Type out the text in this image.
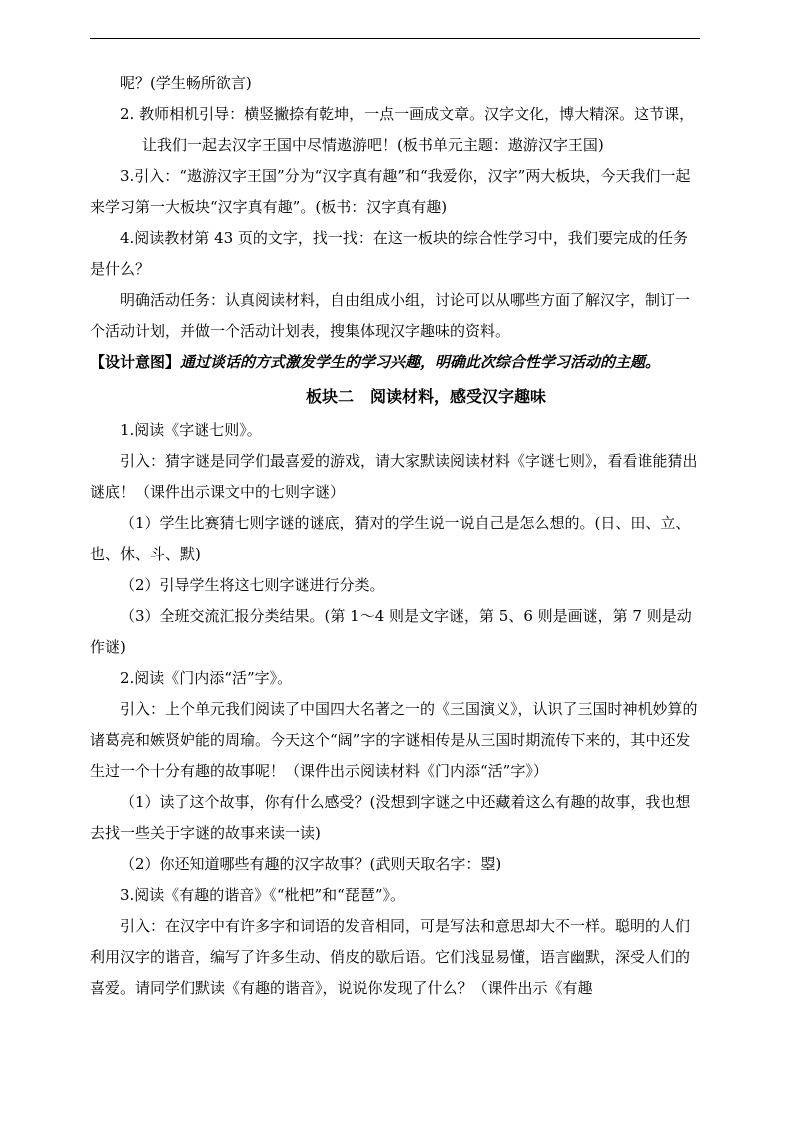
呢？(学生畅所欲言)

2. 教师相机引导：横竖撇捺有乾坤，一点一画成文章。汉字文化，博大精深。这节课，让我们一起去汉字王国中尽情遨游吧！(板书单元主题：遨游汉字王国)

3.引入：“遨游汉字王国”分为“汉字真有趣”和“我爱你，汉字”两大板块，今天我们一起来学习第一大板块“汉字真有趣”。(板书：汉字真有趣)

4.阅读教材第 43 页的文字，找一找：在这一板块的综合性学习中，我们要完成的任务是什么？

明确活动任务：认真阅读材料，自由组成小组，讨论可以从哪些方面了解汉字，制订一个活动计划，并做一个活动计划表，搜集体现汉字趣味的资料。

【设计意图】通过谈话的方式激发学生的学习兴趣，明确此次综合性学习活动的主题。

板块二　阅读材料，感受汉字趣味

1.阅读《字谜七则》。

引入：猜字谜是同学们最喜爱的游戏，请大家默读阅读材料《字谜七则》，看看谁能猜出谜底！（课件出示课文中的七则字谜）

（1）学生比赛猜七则字谜的谜底，猜对的学生说一说自己是怎么想的。(日、田、立、也、休、斗、默)

（2）引导学生将这七则字谜进行分类。

（3）全班交流汇报分类结果。(第 1～4 则是文字谜，第 5、6 则是画谜，第 7 则是动作谜)

2.阅读《门内添“活”字》。

引入：上个单元我们阅读了中国四大名著之一的《三国演义》，认识了三国时神机妙算的诸葛亮和嫉贤妒能的周瑜。今天这个“阔”字的字谜相传是从三国时期流传下来的，其中还发生过一个十分有趣的故事呢！（课件出示阅读材料《门内添“活”字》）

（1）读了这个故事，你有什么感受？(没想到字谜之中还藏着这么有趣的故事，我也想去找一些关于字谜的故事来读一读)

（2）你还知道哪些有趣的汉字故事？(武则天取名字：曌)

3.阅读《有趣的谐音》《“枇杷”和“琵琶”》。

引入：在汉字中有许多字和词语的发音相同，可是写法和意思却大不一样。聪明的人们利用汉字的谐音，编写了许多生动、俏皮的歇后语。它们浅显易懂，语言幽默，深受人们的喜爱。请同学们默读《有趣的谐音》，说说你发现了什么？（课件出示《有趣
